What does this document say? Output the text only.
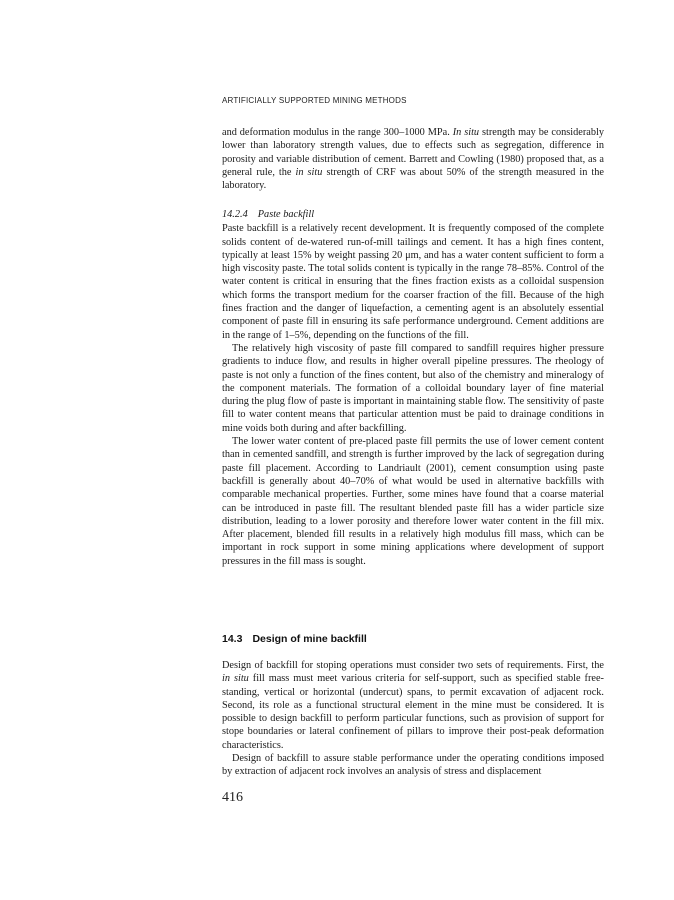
ARTIFICIALLY SUPPORTED MINING METHODS

and deformation modulus in the range 300–1000 MPa. In situ strength may be considerably lower than laboratory strength values, due to effects such as segregation, difference in porosity and variable distribution of cement. Barrett and Cowling (1980) proposed that, as a general rule, the in situ strength of CRF was about 50% of the strength measured in the laboratory.

14.2.4 Paste backfill

Paste backfill is a relatively recent development. It is frequently composed of the complete solids content of de-watered run-of-mill tailings and cement. It has a high fines content, typically at least 15% by weight passing 20 μm, and has a water content sufficient to form a high viscosity paste. The total solids content is typically in the range 78–85%. Control of the water content is critical in ensuring that the fines fraction exists as a colloidal suspension which forms the transport medium for the coarser fraction of the fill. Because of the high fines fraction and the danger of liquefaction, a cementing agent is an absolutely essential component of paste fill in ensuring its safe performance underground. Cement additions are in the range of 1–5%, depending on the functions of the fill.

The relatively high viscosity of paste fill compared to sandfill requires higher pressure gradients to induce flow, and results in higher overall pipeline pressures. The rheology of paste is not only a function of the fines content, but also of the chemistry and mineralogy of the component materials. The formation of a colloidal boundary layer of fine material during the plug flow of paste is important in maintaining stable flow. The sensitivity of paste fill to water content means that particular attention must be paid to drainage conditions in mine voids both during and after backfilling.

The lower water content of pre-placed paste fill permits the use of lower cement content than in cemented sandfill, and strength is further improved by the lack of segregation during paste fill placement. According to Landriault (2001), cement consumption using paste backfill is generally about 40–70% of what would be used in alternative backfills with comparable mechanical properties. Further, some mines have found that a coarse material can be introduced in paste fill. The resultant blended paste fill has a wider particle size distribution, leading to a lower porosity and therefore lower water content in the fill mix. After placement, blended fill results in a relatively high modulus fill mass, which can be important in rock support in some mining applications where development of support pressures in the fill mass is sought.

14.3 Design of mine backfill

Design of backfill for stoping operations must consider two sets of requirements. First, the in situ fill mass must meet various criteria for self-support, such as specified stable free-standing, vertical or horizontal (undercut) spans, to permit excavation of adjacent rock. Second, its role as a functional structural element in the mine must be considered. It is possible to design backfill to perform particular functions, such as provision of support for stope boundaries or lateral confinement of pillars to improve their post-peak deformation characteristics.

Design of backfill to assure stable performance under the operating conditions imposed by extraction of adjacent rock involves an analysis of stress and displacement

416
